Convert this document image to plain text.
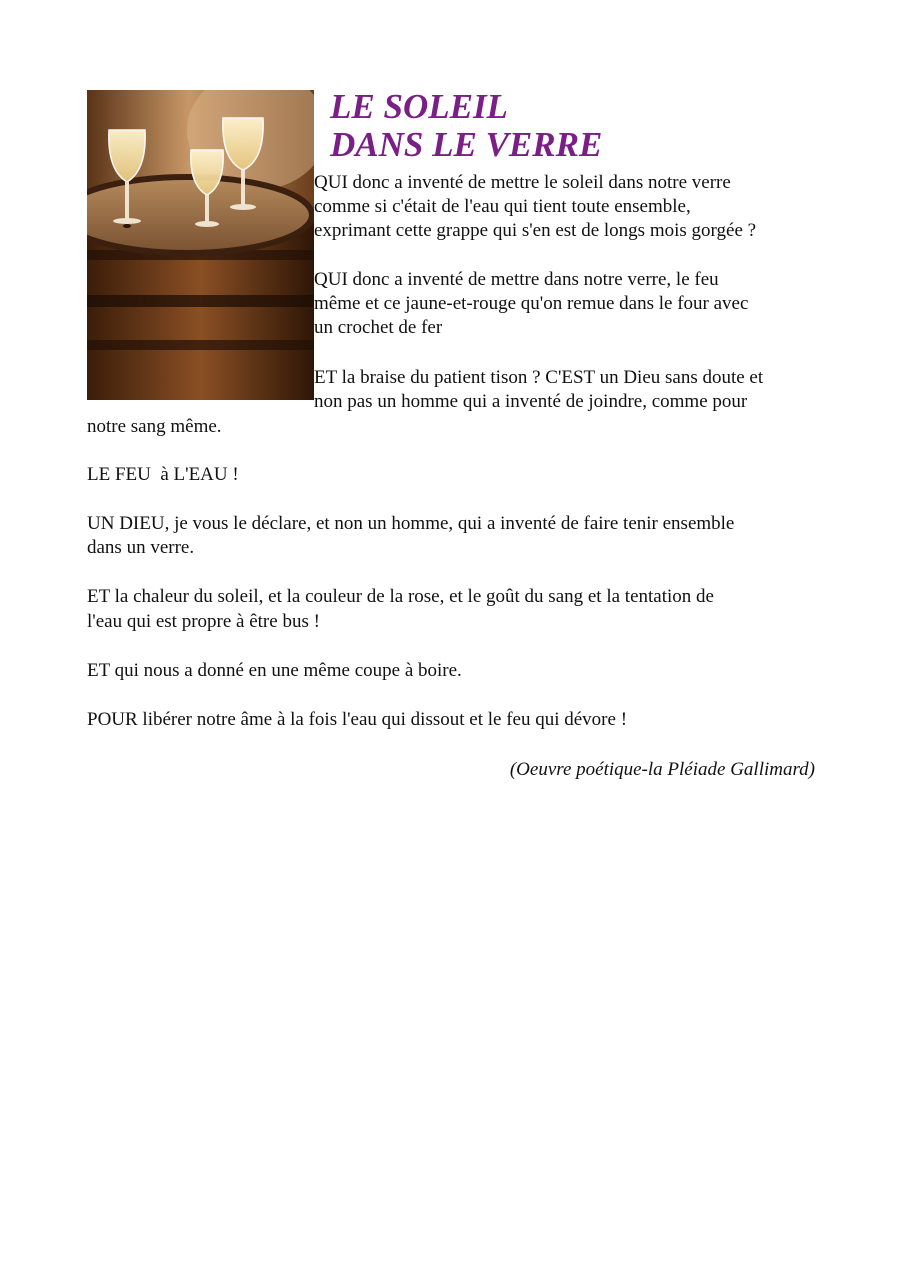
LE SOLEIL
DANS LE VERRE
QUI donc a inventé de mettre le soleil dans notre verre
comme si c'était de l'eau qui tient toute ensemble,
exprimant cette grappe qui s'en est de longs mois gorgée ?
QUI donc a inventé de mettre dans notre verre, le feu
même et ce jaune-et-rouge qu'on remue dans le four avec
un crochet de fer
ET la braise du patient tison ? C'EST un Dieu sans doute et
non pas un homme qui a inventé de joindre, comme pour
notre sang même.
LE FEU  à L'EAU !
UN DIEU, je vous le déclare, et non un homme, qui a inventé de faire tenir ensemble
dans un verre.
ET la chaleur du soleil, et la couleur de la rose, et le goût du sang et la tentation de
l'eau qui est propre à être bus !
ET qui nous a donné en une même coupe à boire.
POUR libérer notre âme à la fois l'eau qui dissout et le feu qui dévore !
(Oeuvre poétique-la Pléiade Gallimard)
